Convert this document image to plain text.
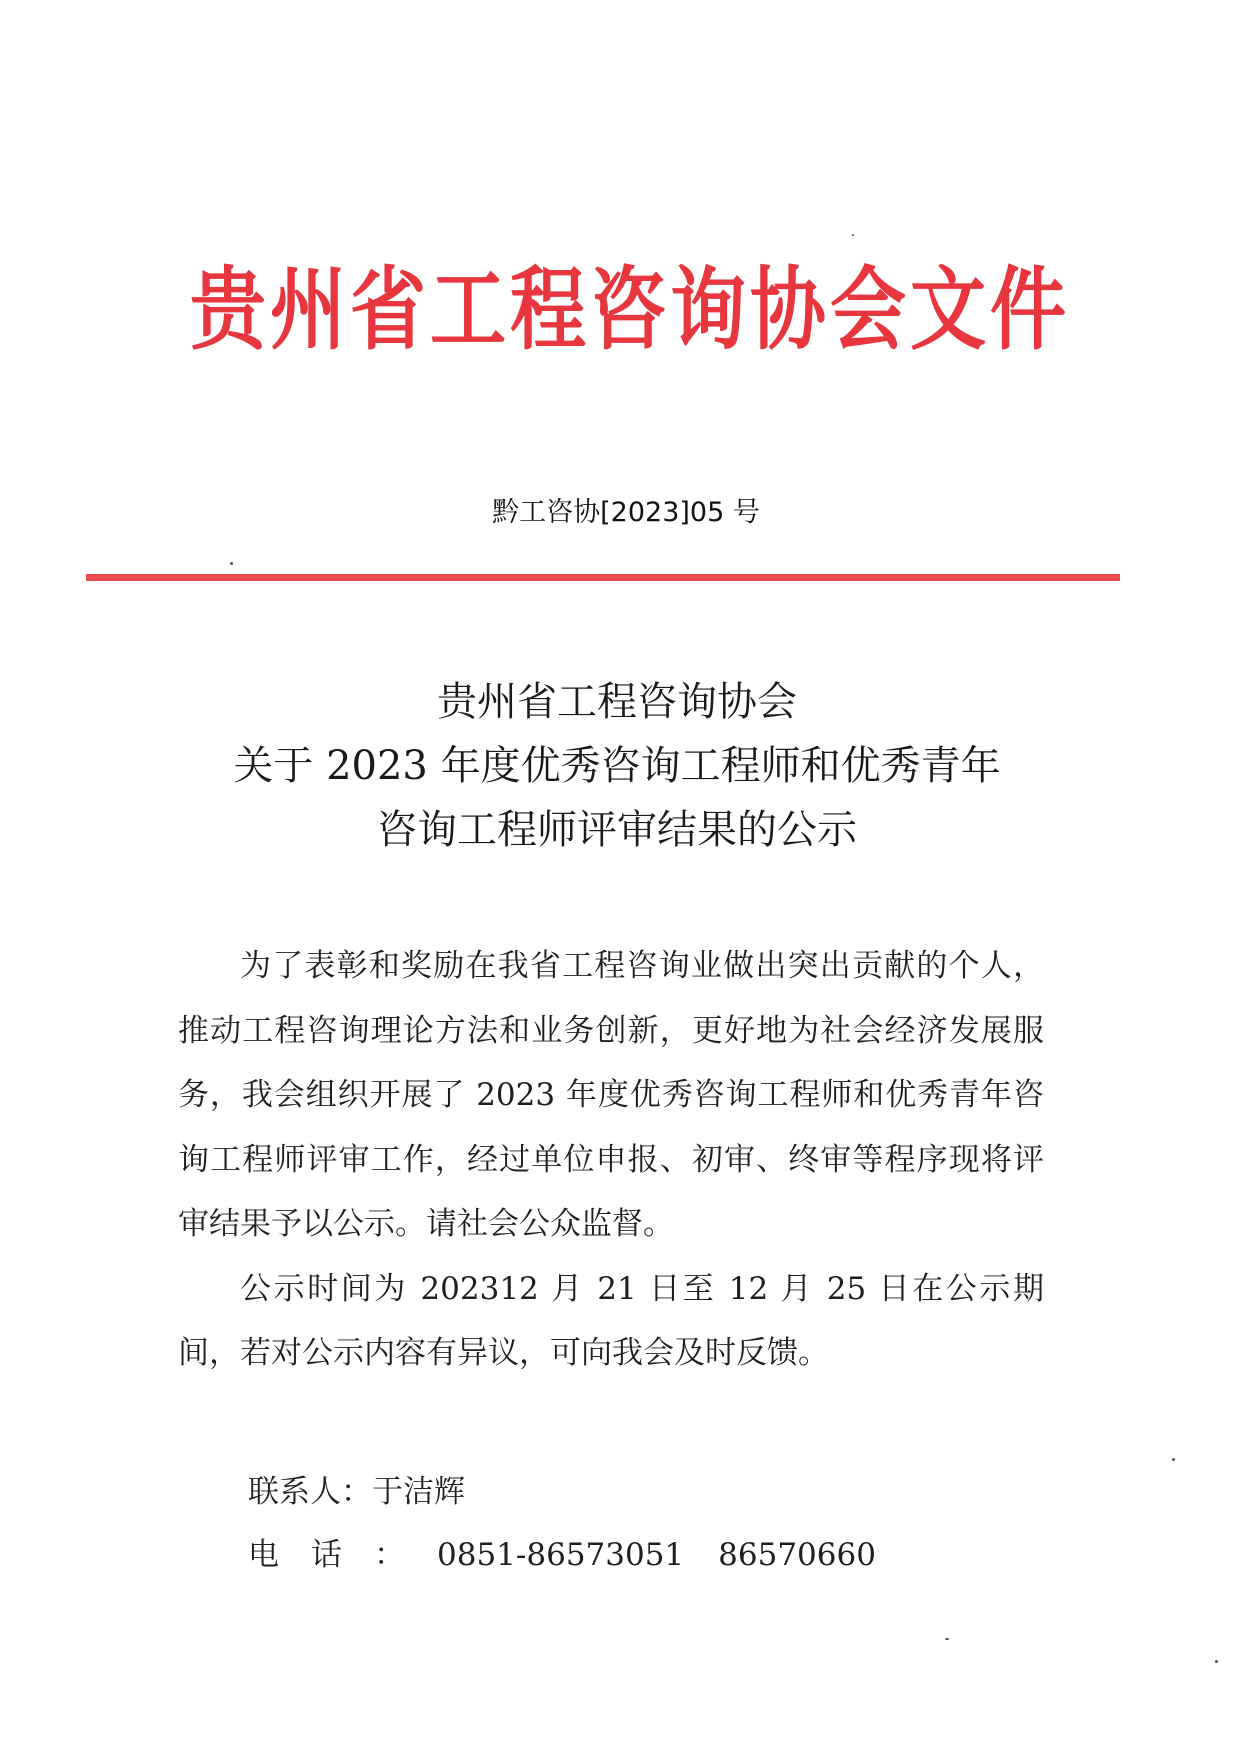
贵州省工程咨询协会文件
黔工咨协[2023]05 号
贵州省工程咨询协会
关于 2023 年度优秀咨询工程师和优秀青年
咨询工程师评审结果的公示

为了表彰和奖励在我省工程咨询业做出突出贡献的个人，推动工程咨询理论方法和业务创新，更好地为社会经济发展服务，我会组织开展了 2023 年度优秀咨询工程师和优秀青年咨询工程师评审工作，经过单位申报、初审、终审等程序现将评审结果予以公示。请社会公众监督。

公示时间为 202312 月 21 日至 12 月 25 日在公示期间，若对公示内容有异议，可向我会及时反馈。

联系人：于洁辉
电话：0851-86573051 86570660
